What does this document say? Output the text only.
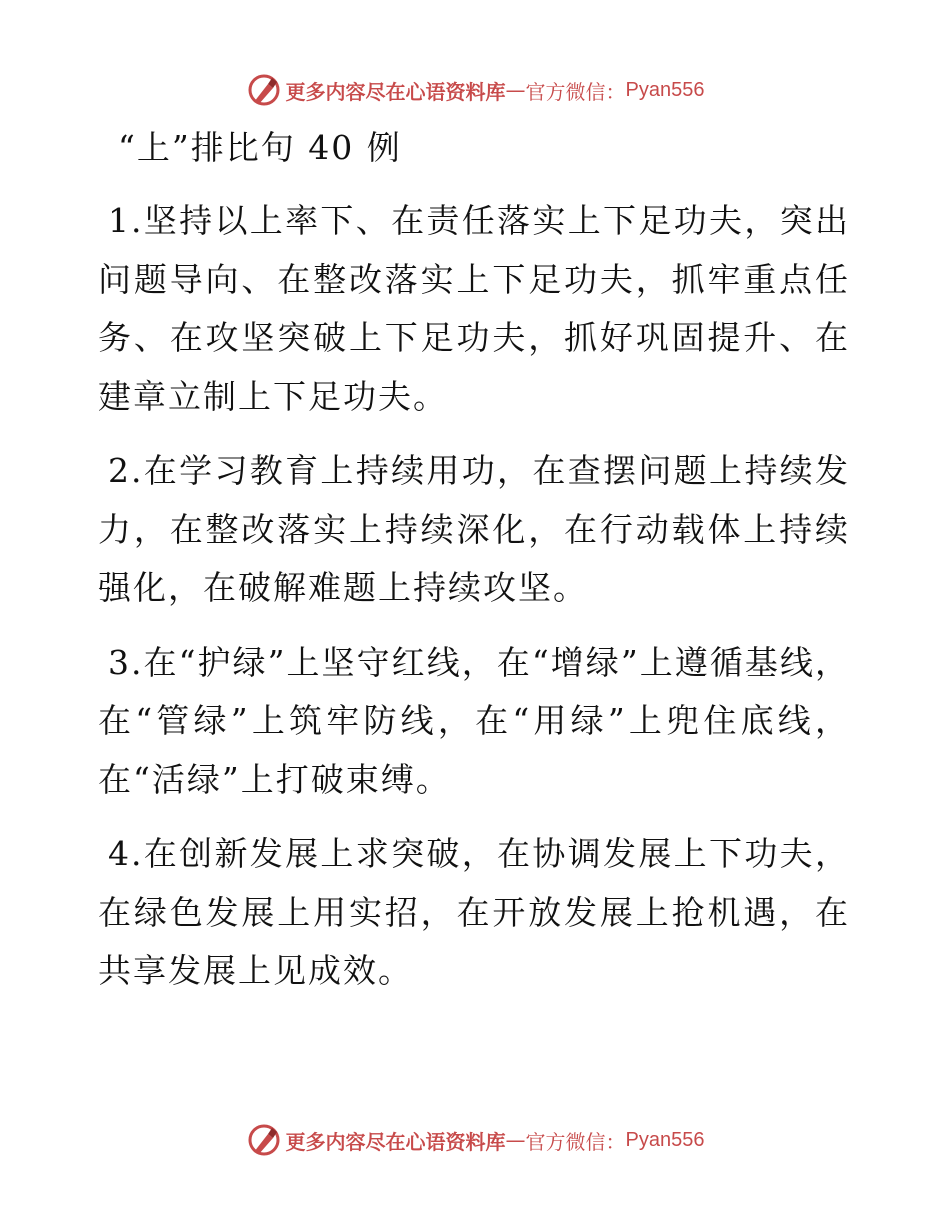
更多内容尽在心语资料库 — 官方微信： Pyan556
“上”排比句 40 例

1.坚持以上率下、在责任落实上下足功夫，突出问题导向、在整改落实上下足功夫，抓牢重点任务、在攻坚突破上下足功夫，抓好巩固提升、在建章立制上下足功夫。

2.在学习教育上持续用功，在查摆问题上持续发力，在整改落实上持续深化，在行动载体上持续强化，在破解难题上持续攻坚。

3.在“护绿”上坚守红线，在“增绿”上遵循基线，在“管绿”上筑牢防线，在“用绿”上兜住底线，在“活绿”上打破束缚。

4.在创新发展上求突破，在协调发展上下功夫，在绿色发展上用实招，在开放发展上抢机遇，在共享发展上见成效。

更多内容尽在心语资料库 — 官方微信： Pyan556
